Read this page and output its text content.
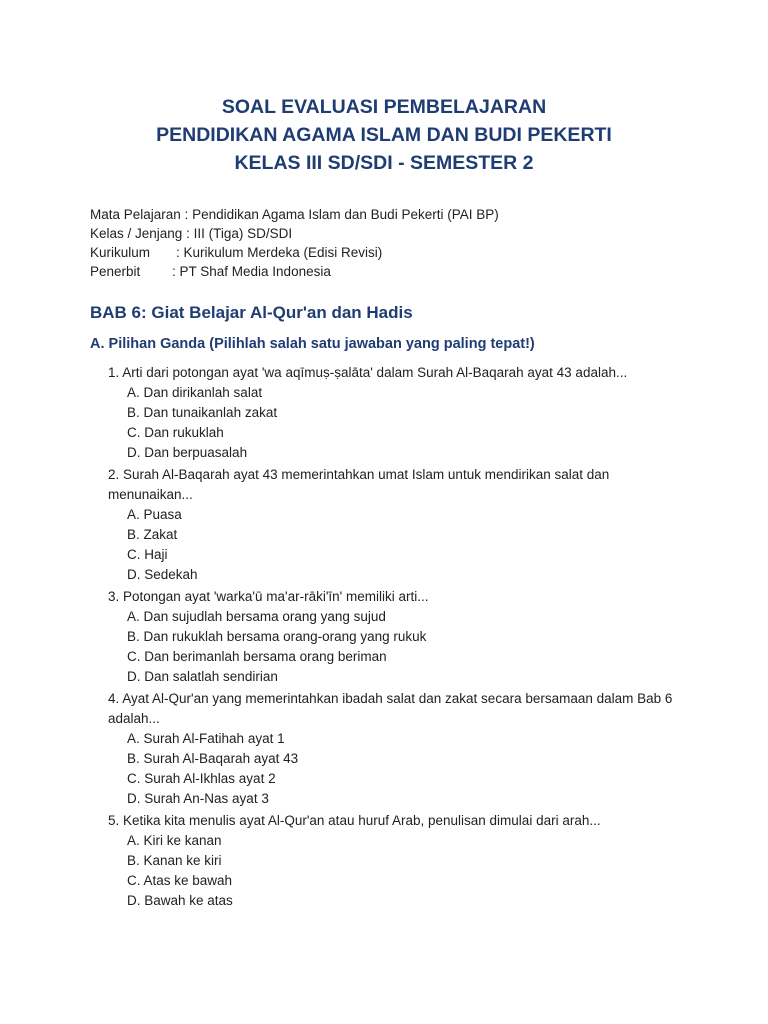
SOAL EVALUASI PEMBELAJARAN
PENDIDIKAN AGAMA ISLAM DAN BUDI PEKERTI
KELAS III SD/SDI - SEMESTER 2
Mata Pelajaran : Pendidikan Agama Islam dan Budi Pekerti (PAI BP)
Kelas / Jenjang : III (Tiga) SD/SDI
Kurikulum	: Kurikulum Merdeka (Edisi Revisi)
Penerbit	: PT Shaf Media Indonesia
BAB 6: Giat Belajar Al-Qur'an dan Hadis
A. Pilihan Ganda (Pilihlah salah satu jawaban yang paling tepat!)
1. Arti dari potongan ayat 'wa aqīmuṣ-ṣalāta' dalam Surah Al-Baqarah ayat 43 adalah...
A. Dan dirikanlah salat
B. Dan tunaikanlah zakat
C. Dan rukuklah
D. Dan berpuasalah
2. Surah Al-Baqarah ayat 43 memerintahkan umat Islam untuk mendirikan salat dan menunaikan...
A. Puasa
B. Zakat
C. Haji
D. Sedekah
3. Potongan ayat 'warka'ū ma'ar-rāki'īn' memiliki arti...
A. Dan sujudlah bersama orang yang sujud
B. Dan rukuklah bersama orang-orang yang rukuk
C. Dan berimanlah bersama orang beriman
D. Dan salatlah sendirian
4. Ayat Al-Qur'an yang memerintahkan ibadah salat dan zakat secara bersamaan dalam Bab 6 adalah...
A. Surah Al-Fatihah ayat 1
B. Surah Al-Baqarah ayat 43
C. Surah Al-Ikhlas ayat 2
D. Surah An-Nas ayat 3
5. Ketika kita menulis ayat Al-Qur'an atau huruf Arab, penulisan dimulai dari arah...
A. Kiri ke kanan
B. Kanan ke kiri
C. Atas ke bawah
D. Bawah ke atas
